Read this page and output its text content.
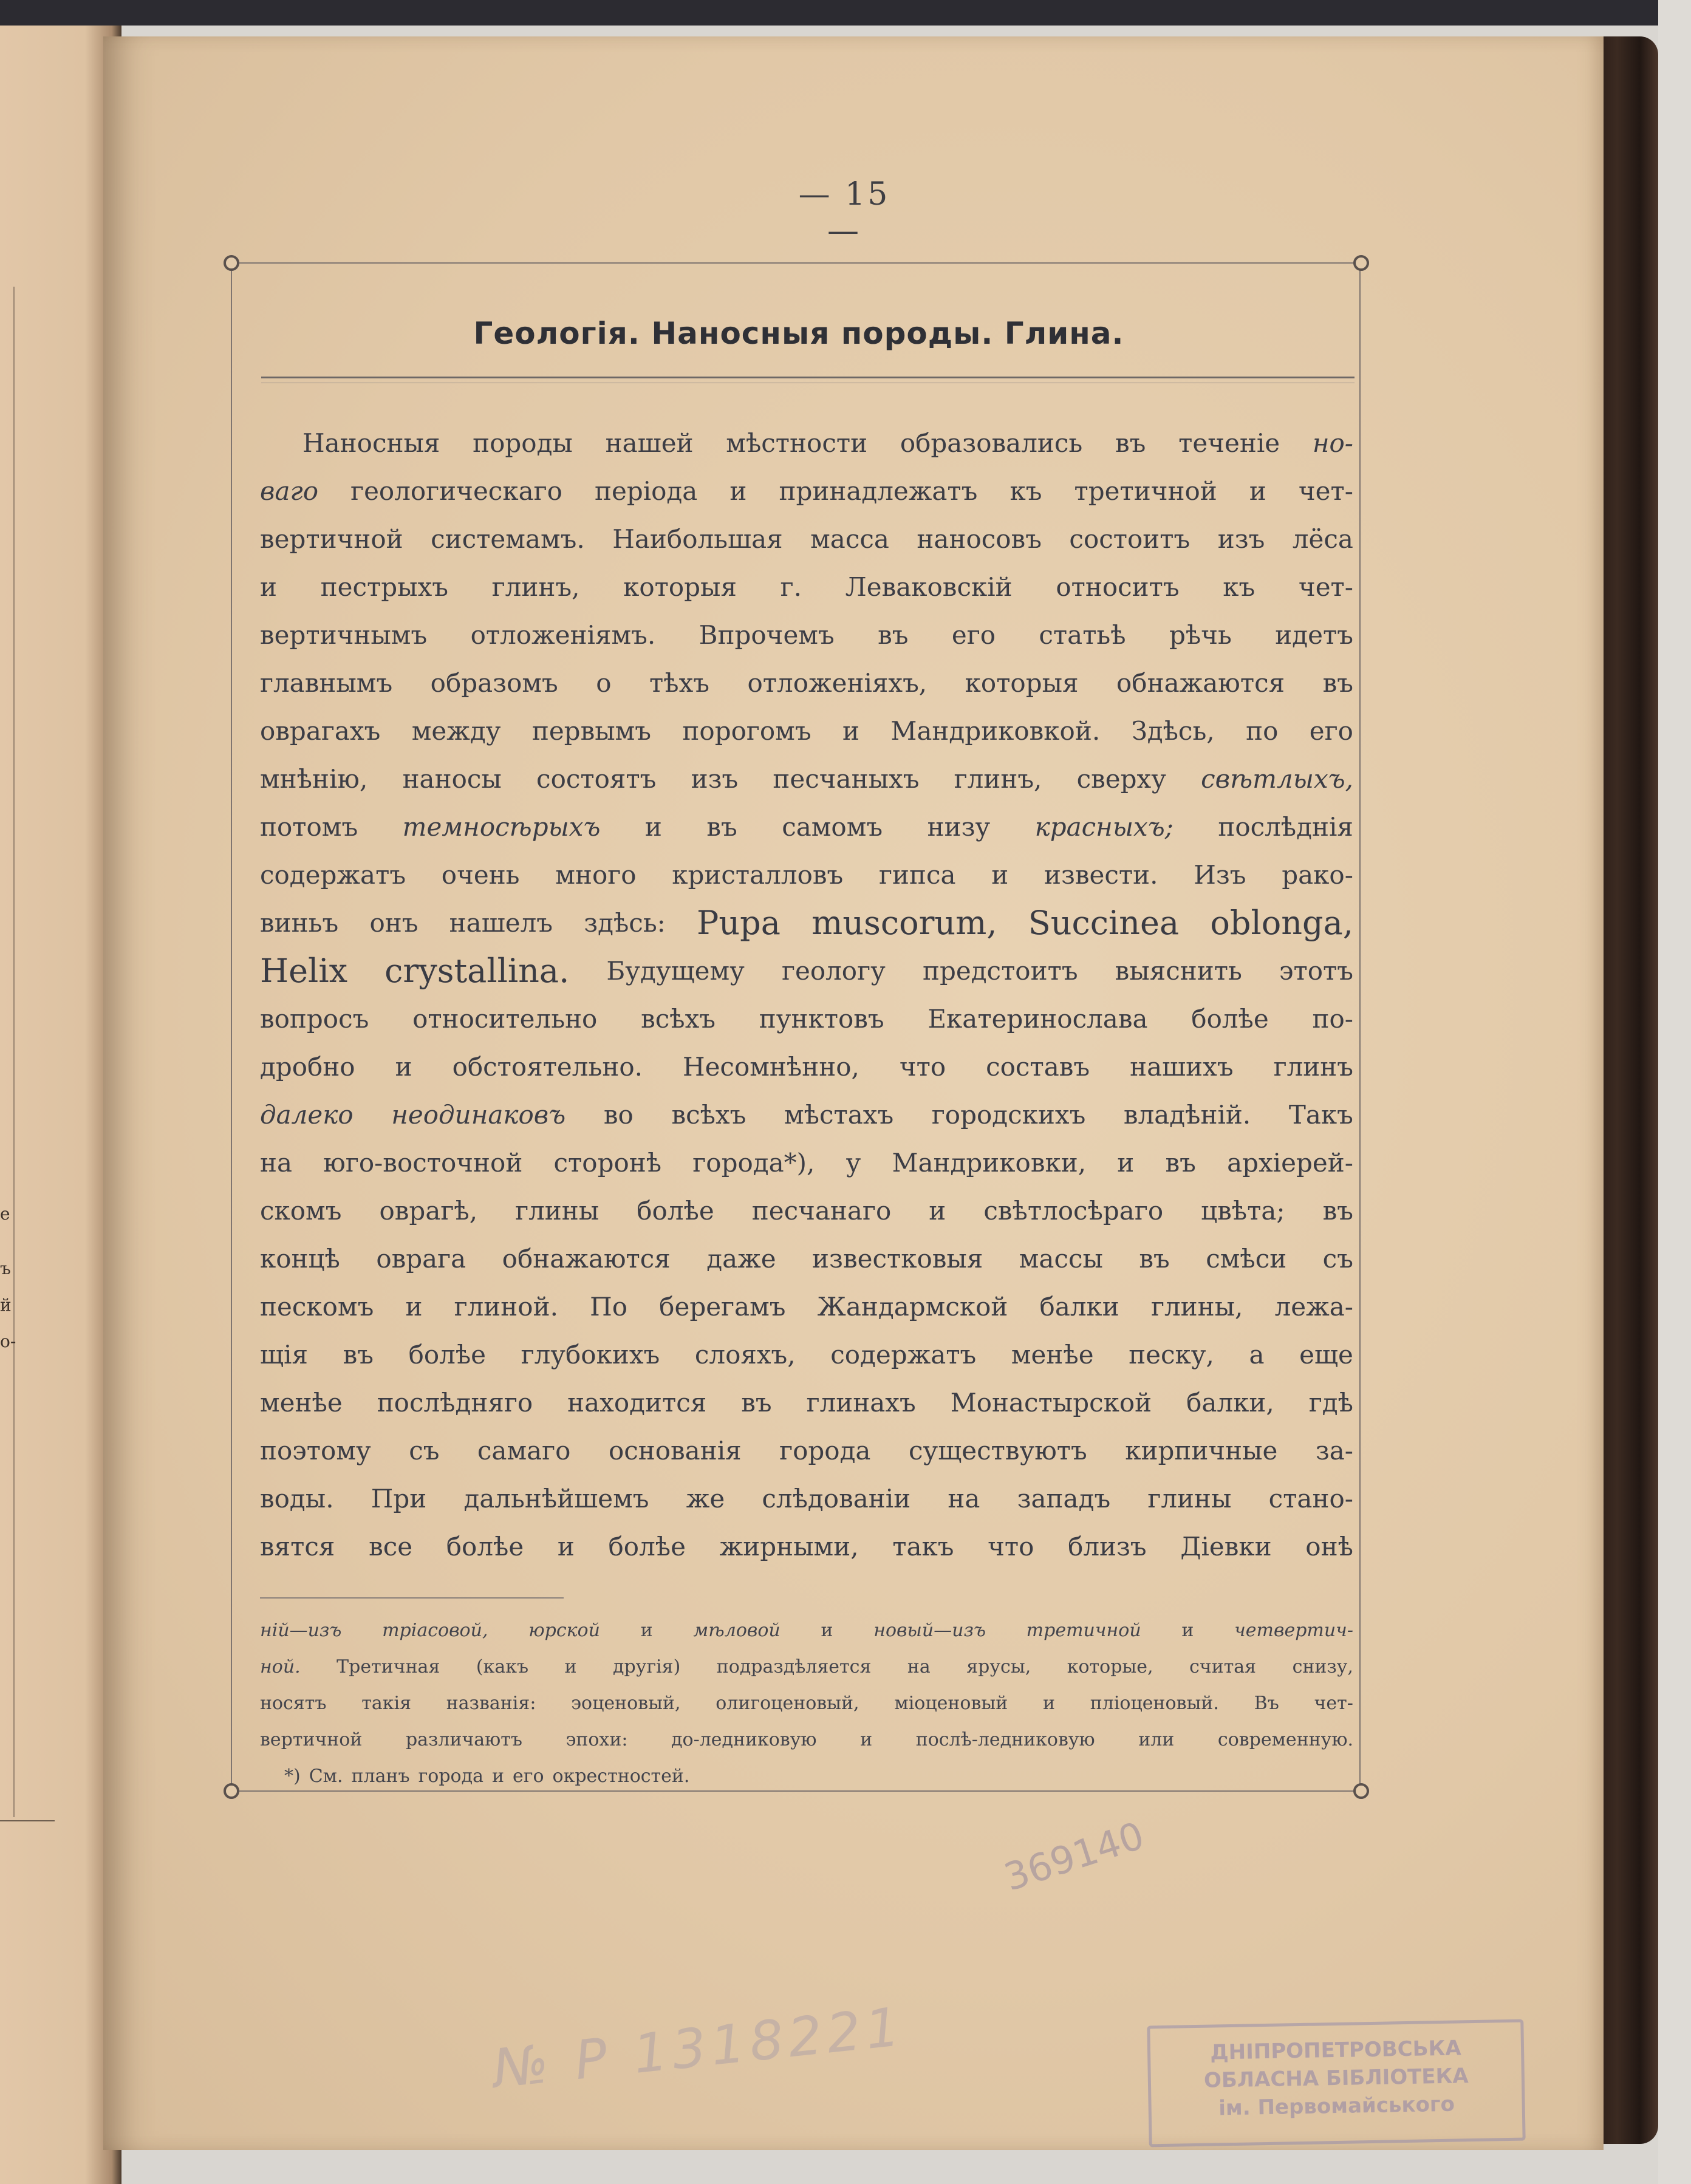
е
ъ
й
о-
— 15 —
Геологія. Наносныя породы. Глина.
Наносныя породы нашей мѣстности образовались въ теченіе но-
ваго геологическаго періода и принадлежатъ къ третичной и чет-
вертичной системамъ. Наибольшая масса наносовъ состоитъ изъ лёса
и пестрыхъ глинъ, которыя г. Леваковскій относитъ къ чет-
вертичнымъ отложеніямъ. Впрочемъ въ его статьѣ рѣчь идетъ
главнымъ образомъ о тѣхъ отложеніяхъ, которыя обнажаются въ
оврагахъ между первымъ порогомъ и Мандриковкой. Здѣсь, по его
мнѣнію, наносы состоятъ изъ песчаныхъ глинъ, сверху свѣтлыхъ,
потомъ темносѣрыхъ и въ самомъ низу красныхъ; послѣднія
содержатъ очень много кристалловъ гипса и извести. Изъ рако-
виньъ онъ нашелъ здѣсь: Pupa muscorum, Succinea oblonga,
Helix crystallina. Будущему геологу предстоитъ выяснить этотъ
вопросъ относительно всѣхъ пунктовъ Екатеринослава болѣе по-
дробно и обстоятельно. Несомнѣнно, что составъ нашихъ глинъ
далеко неодинаковъ во всѣхъ мѣстахъ городскихъ владѣній. Такъ
на юго-восточной сторонѣ города*), у Мандриковки, и въ архіерей-
скомъ оврагѣ, глины болѣе песчанаго и свѣтлосѣраго цвѣта; въ
концѣ оврага обнажаются даже известковыя массы въ смѣси съ
пескомъ и глиной. По берегамъ Жандармской балки глины, лежа-
щія въ болѣе глубокихъ слояхъ, содержатъ менѣе песку, а еще
менѣе послѣдняго находится въ глинахъ Монастырской балки, гдѣ
поэтому съ самаго основанія города существуютъ кирпичные за-
воды. При дальнѣйшемъ же слѣдованіи на западъ глины стано-
вятся все болѣе и болѣе жирными, такъ что близъ Діевки онѣ
ній—изъ тріасовой, юрской и мѣловой и новый—изъ третичной и четвертич-
ной. Третичная (какъ и другія) подраздѣляется на ярусы, которые, считая снизу,
носятъ такія названія: эоценовый, олигоценовый, міоценовый и плiоценовый. Въ чет-
вертичной различаютъ эпохи: до-ледниковую и послѣ-ледниковую или современную.
*) См. планъ города и его окрестностей.
369140
№ Р 1318221	ДНІПРОПЕТРОВСЬКА
ОБЛАСНА БІБЛІОТЕКА
ім. Первомайського
